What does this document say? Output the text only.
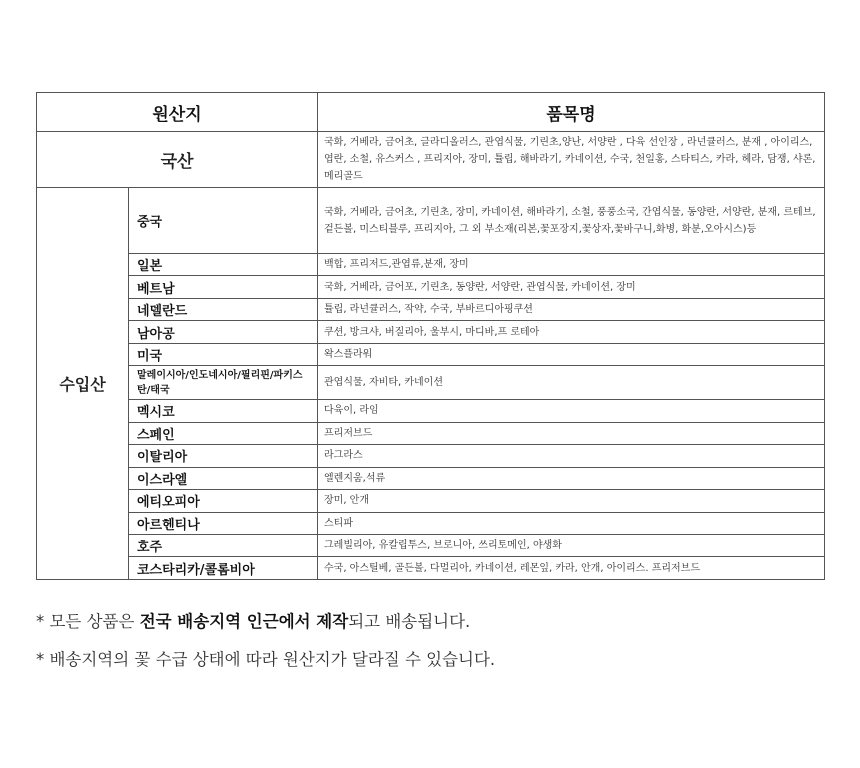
원산지		품목명
국산		국화, 거베라, 금어초, 글라디올러스, 관엽식물, 기린초,양난, 서양란 , 다육 선인장 , 라넌큘러스, 분재 , 아이리스, 엽란, 소철, 유스커스 , 프리지아, 장미, 튤립, 해바라기, 카네이션, 수국, 천일홍, 스타티스, 카라, 헤라, 담쟁, 샤론, 메리골드
수입산	중국	국화, 거베라, 금어초, 기린초, 장미, 카네이션, 해바라기, 소철, 풍풍소국, 간엽식물, 동양란, 서양란, 분재, 르테브, 겉든볼, 미스티블루, 프리지아, 그 외 부소재(리본,꽃포장지,꽃상자,꽃바구니,화병, 화분,오아시스)등
	일본	백합, 프리저드,관엽류,분재, 장미
	베트남	국화, 거베라, 금어포, 기린초, 동양란, 서양란, 관엽식물, 카네이션, 장미
	네델란드	튤립, 라넌큘러스, 작약, 수국, 부바르디아핑쿠션
	남아공	쿠션, 방크샤, 버질리아, 울부시, 마디바,프 로테아
	미국	왁스플라워
	말레이시아/인도네시아/필리핀/파키스탄/태국	관엽식물, 자비타, 카네이션
	멕시코	다육이, 라임
	스페인	프리저브드
	이탈리아	라그라스
	이스라엘	엘렌지움,석류
	에티오피아	장미, 안개
	아르헨티나	스티파
	호주	그레빌리아, 유칼립투스, 브로니아, 쓰리토메인, 야생화
	코스타리카/콜롬비아	수국, 아스틸베, 골든볼, 다멀리아, 카네이션, 레몬잎, 카라, 안개, 아이리스. 프리저브드
* 모든 상품은 전국 배송지역 인근에서 제작되고 배송됩니다.
* 배송지역의 꽃 수급 상태에 따라 원산지가 달라질 수 있습니다.
